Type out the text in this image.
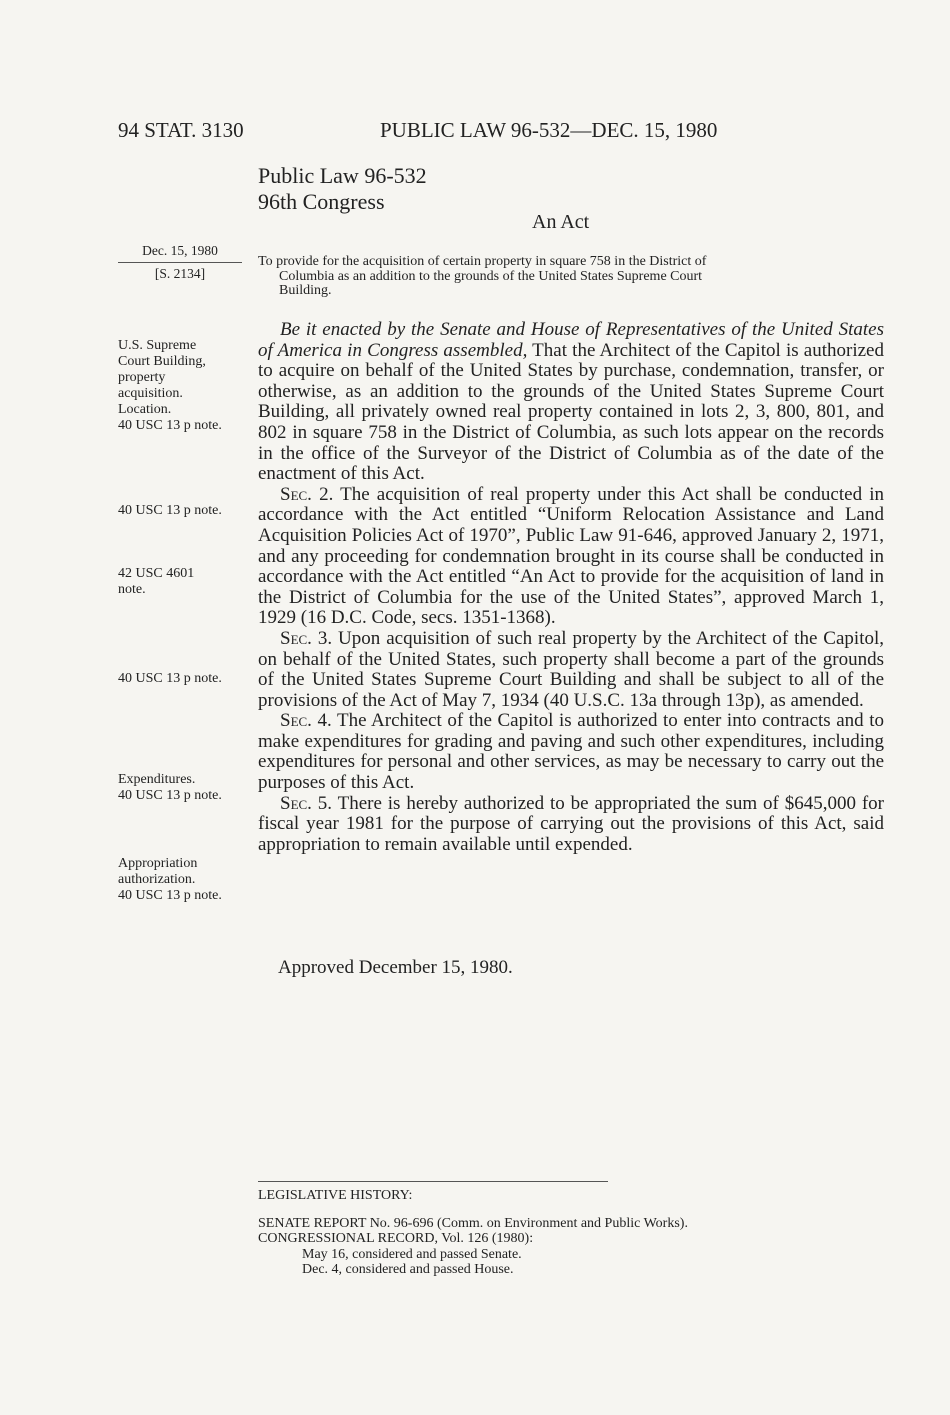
94 STAT. 3130	PUBLIC LAW 96-532—DEC. 15, 1980
Public Law 96-532
96th Congress
An Act
Dec. 15, 1980
[S. 2134]
To provide for the acquisition of certain property in square 758 in the District of
Columbia as an addition to the grounds of the United States Supreme Court
Building.
U.S. Supreme
Court Building,
property
acquisition.
Location.
40 USC 13 p note.
40 USC 13 p note.
42 USC 4601
note.
40 USC 13 p note.
Expenditures.
40 USC 13 p note.
Appropriation
authorization.
40 USC 13 p note.

Be it enacted by the Senate and House of Representatives of the United States of America in Congress assembled, That the Architect of the Capitol is authorized to acquire on behalf of the United States by purchase, condemnation, transfer, or otherwise, as an addition to the grounds of the United States Supreme Court Building, all privately owned real property contained in lots 2, 3, 800, 801, and 802 in square 758 in the District of Columbia, as such lots appear on the records in the office of the Surveyor of the District of Columbia as of the date of the enactment of this Act.

Sec. 2. The acquisition of real property under this Act shall be conducted in accordance with the Act entitled “Uniform Relocation Assistance and Land Acquisition Policies Act of 1970”, Public Law 91-646, approved January 2, 1971, and any proceeding for condemnation brought in its course shall be conducted in accordance with the Act entitled “An Act to provide for the acquisition of land in the District of Columbia for the use of the United States”, approved March 1, 1929 (16 D.C. Code, secs. 1351-1368).

Sec. 3. Upon acquisition of such real property by the Architect of the Capitol, on behalf of the United States, such property shall become a part of the grounds of the United States Supreme Court Building and shall be subject to all of the provisions of the Act of May 7, 1934 (40 U.S.C. 13a through 13p), as amended.

Sec. 4. The Architect of the Capitol is authorized to enter into contracts and to make expenditures for grading and paving and such other expenditures, including expenditures for personal and other services, as may be necessary to carry out the purposes of this Act.

Sec. 5. There is hereby authorized to be appropriated the sum of $645,000 for fiscal year 1981 for the purpose of carrying out the provisions of this Act, said appropriation to remain available until expended.

Approved December 15, 1980.
LEGISLATIVE HISTORY:
SENATE REPORT No. 96-696 (Comm. on Environment and Public Works).
CONGRESSIONAL RECORD, Vol. 126 (1980):
May 16, considered and passed Senate.
Dec. 4, considered and passed House.
